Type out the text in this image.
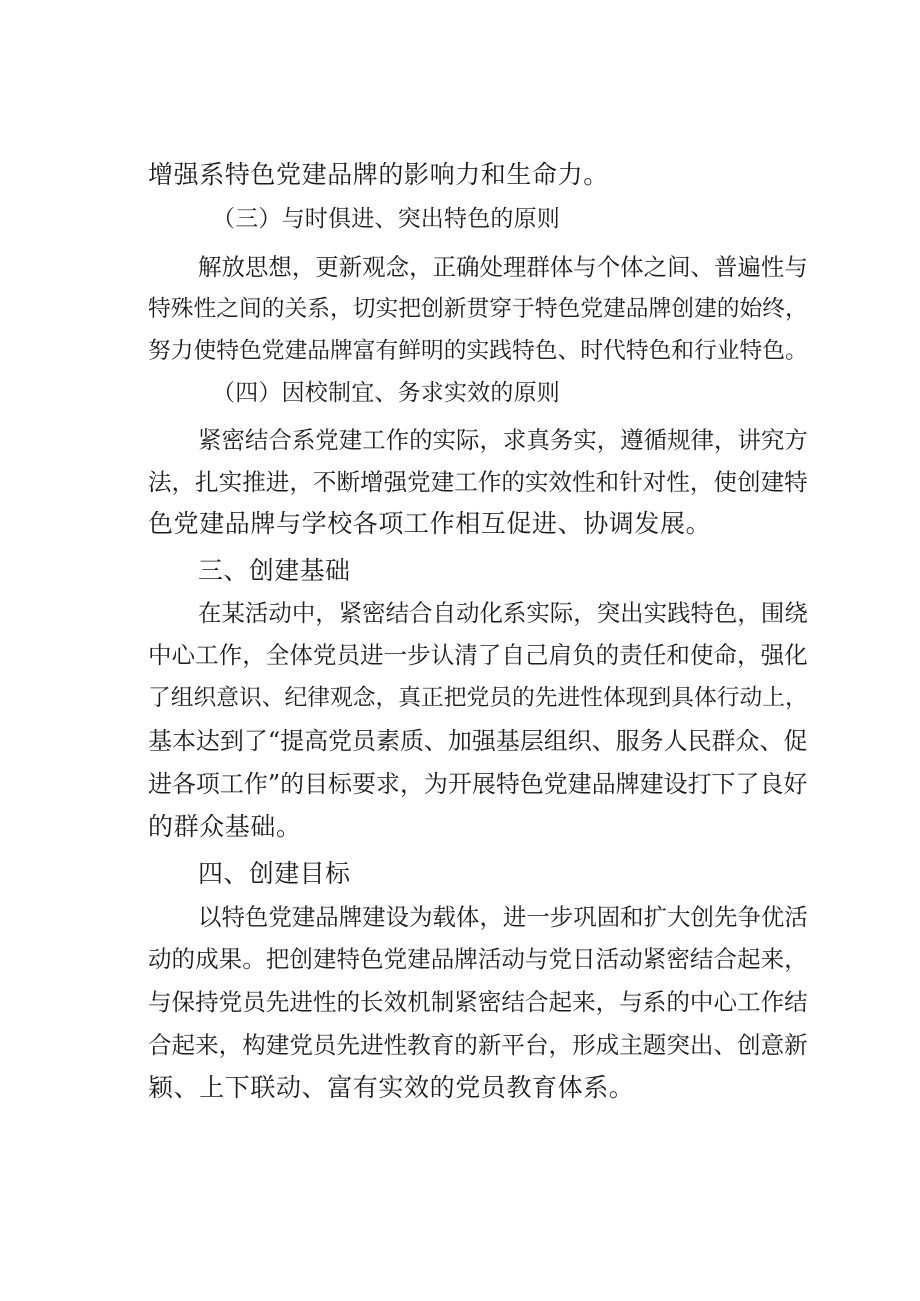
增强系特色党建品牌的影响力和生命力。
（三）与时俱进、突出特色的原则
解放思想，更新观念，正确处理群体与个体之间、普遍性与
特殊性之间的关系，切实把创新贯穿于特色党建品牌创建的始终，
努力使特色党建品牌富有鲜明的实践特色、时代特色和行业特色。
（四）因校制宜、务求实效的原则
紧密结合系党建工作的实际，求真务实，遵循规律，讲究方
法，扎实推进，不断增强党建工作的实效性和针对性，使创建特
色党建品牌与学校各项工作相互促进、协调发展。
三、创建基础
在某活动中，紧密结合自动化系实际，突出实践特色，围绕
中心工作，全体党员进一步认清了自己肩负的责任和使命，强化
了组织意识、纪律观念，真正把党员的先进性体现到具体行动上，
基本达到了“提高党员素质、加强基层组织、服务人民群众、促
进各项工作”的目标要求，为开展特色党建品牌建设打下了良好
的群众基础。
四、创建目标
以特色党建品牌建设为载体，进一步巩固和扩大创先争优活
动的成果。把创建特色党建品牌活动与党日活动紧密结合起来，
与保持党员先进性的长效机制紧密结合起来，与系的中心工作结
合起来，构建党员先进性教育的新平台，形成主题突出、创意新
颖、上下联动、富有实效的党员教育体系。
